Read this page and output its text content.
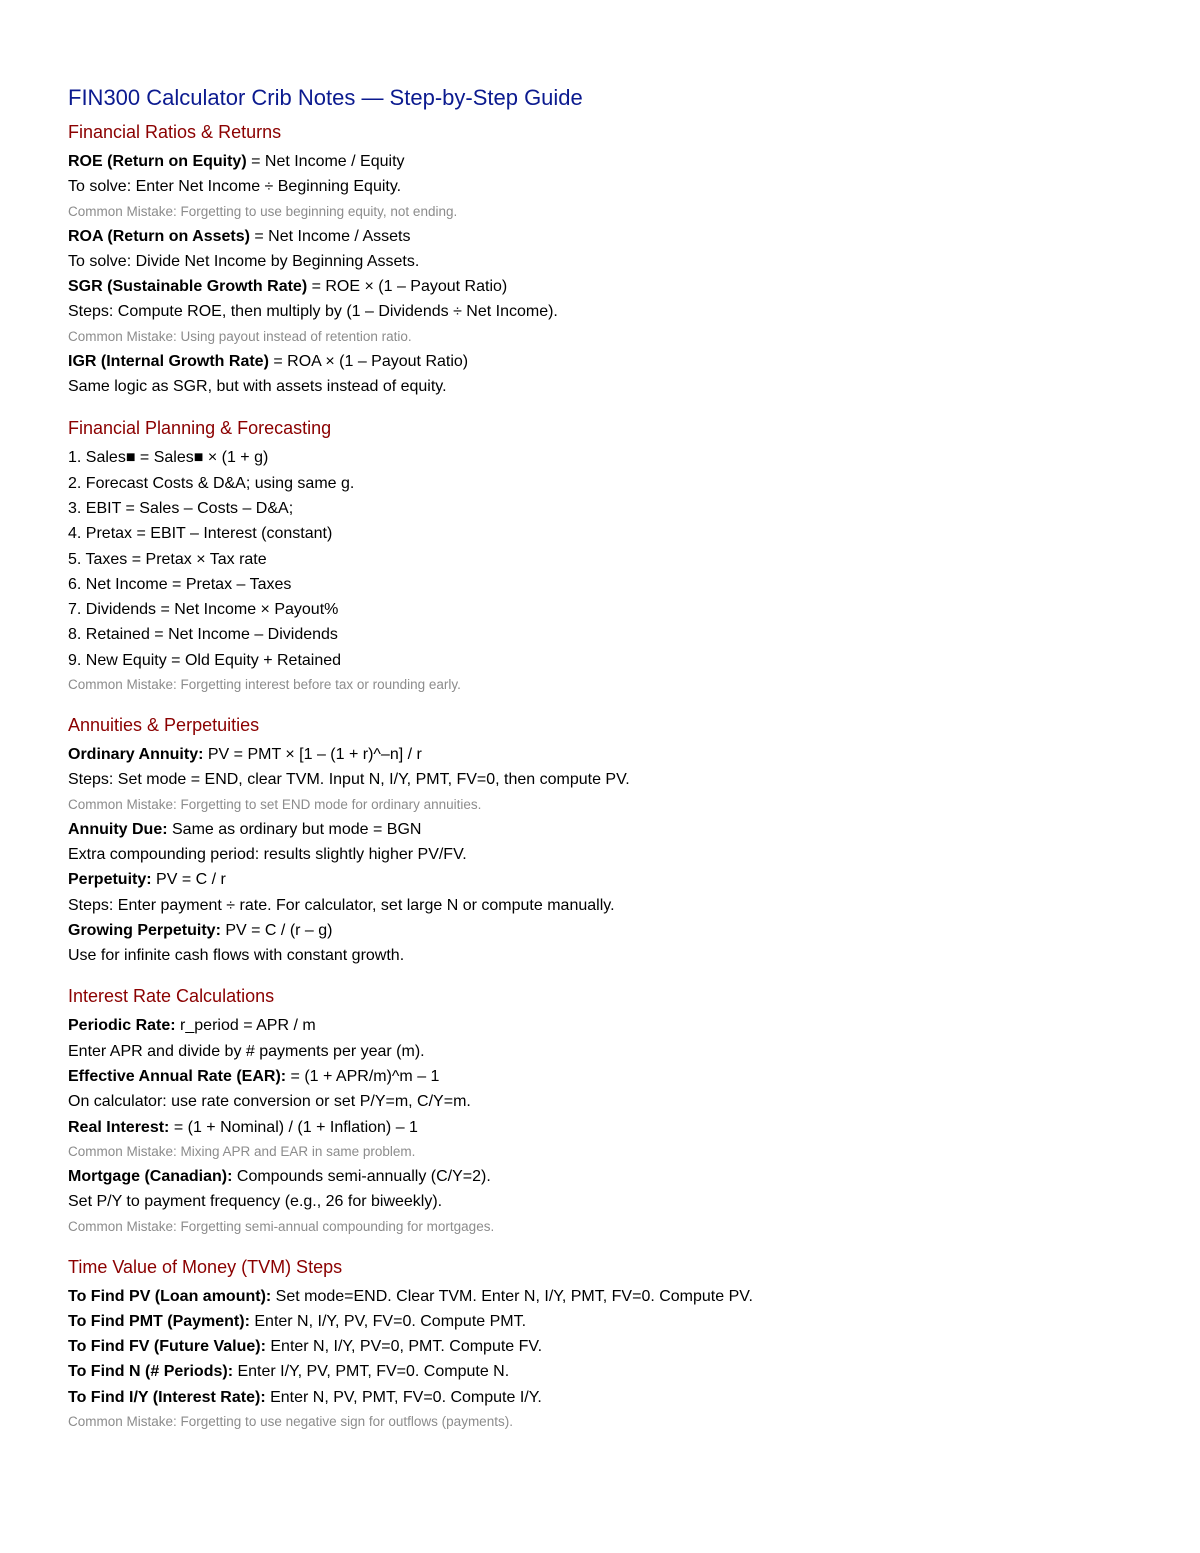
FIN300 Calculator Crib Notes — Step-by-Step Guide
Financial Ratios & Returns
ROE (Return on Equity) = Net Income / Equity
To solve: Enter Net Income ÷ Beginning Equity.
Common Mistake: Forgetting to use beginning equity, not ending.
ROA (Return on Assets) = Net Income / Assets
To solve: Divide Net Income by Beginning Assets.
SGR (Sustainable Growth Rate) = ROE × (1 – Payout Ratio)
Steps: Compute ROE, then multiply by (1 – Dividends ÷ Net Income).
Common Mistake: Using payout instead of retention ratio.
IGR (Internal Growth Rate) = ROA × (1 – Payout Ratio)
Same logic as SGR, but with assets instead of equity.
Financial Planning & Forecasting
1. Sales■ = Sales■ × (1 + g)
2. Forecast Costs & D&A; using same g.
3. EBIT = Sales – Costs – D&A;
4. Pretax = EBIT – Interest (constant)
5. Taxes = Pretax × Tax rate
6. Net Income = Pretax – Taxes
7. Dividends = Net Income × Payout%
8. Retained = Net Income – Dividends
9. New Equity = Old Equity + Retained
Common Mistake: Forgetting interest before tax or rounding early.
Annuities & Perpetuities
Ordinary Annuity: PV = PMT × [1 – (1 + r)^–n] / r
Steps: Set mode = END, clear TVM. Input N, I/Y, PMT, FV=0, then compute PV.
Common Mistake: Forgetting to set END mode for ordinary annuities.
Annuity Due: Same as ordinary but mode = BGN
Extra compounding period: results slightly higher PV/FV.
Perpetuity: PV = C / r
Steps: Enter payment ÷ rate. For calculator, set large N or compute manually.
Growing Perpetuity: PV = C / (r – g)
Use for infinite cash flows with constant growth.
Interest Rate Calculations
Periodic Rate: r_period = APR / m
Enter APR and divide by # payments per year (m).
Effective Annual Rate (EAR): = (1 + APR/m)^m – 1
On calculator: use rate conversion or set P/Y=m, C/Y=m.
Real Interest: = (1 + Nominal) / (1 + Inflation) – 1
Common Mistake: Mixing APR and EAR in same problem.
Mortgage (Canadian): Compounds semi-annually (C/Y=2).
Set P/Y to payment frequency (e.g., 26 for biweekly).
Common Mistake: Forgetting semi-annual compounding for mortgages.
Time Value of Money (TVM) Steps
To Find PV (Loan amount): Set mode=END. Clear TVM. Enter N, I/Y, PMT, FV=0. Compute PV.
To Find PMT (Payment): Enter N, I/Y, PV, FV=0. Compute PMT.
To Find FV (Future Value): Enter N, I/Y, PV=0, PMT. Compute FV.
To Find N (# Periods): Enter I/Y, PV, PMT, FV=0. Compute N.
To Find I/Y (Interest Rate): Enter N, PV, PMT, FV=0. Compute I/Y.
Common Mistake: Forgetting to use negative sign for outflows (payments).
